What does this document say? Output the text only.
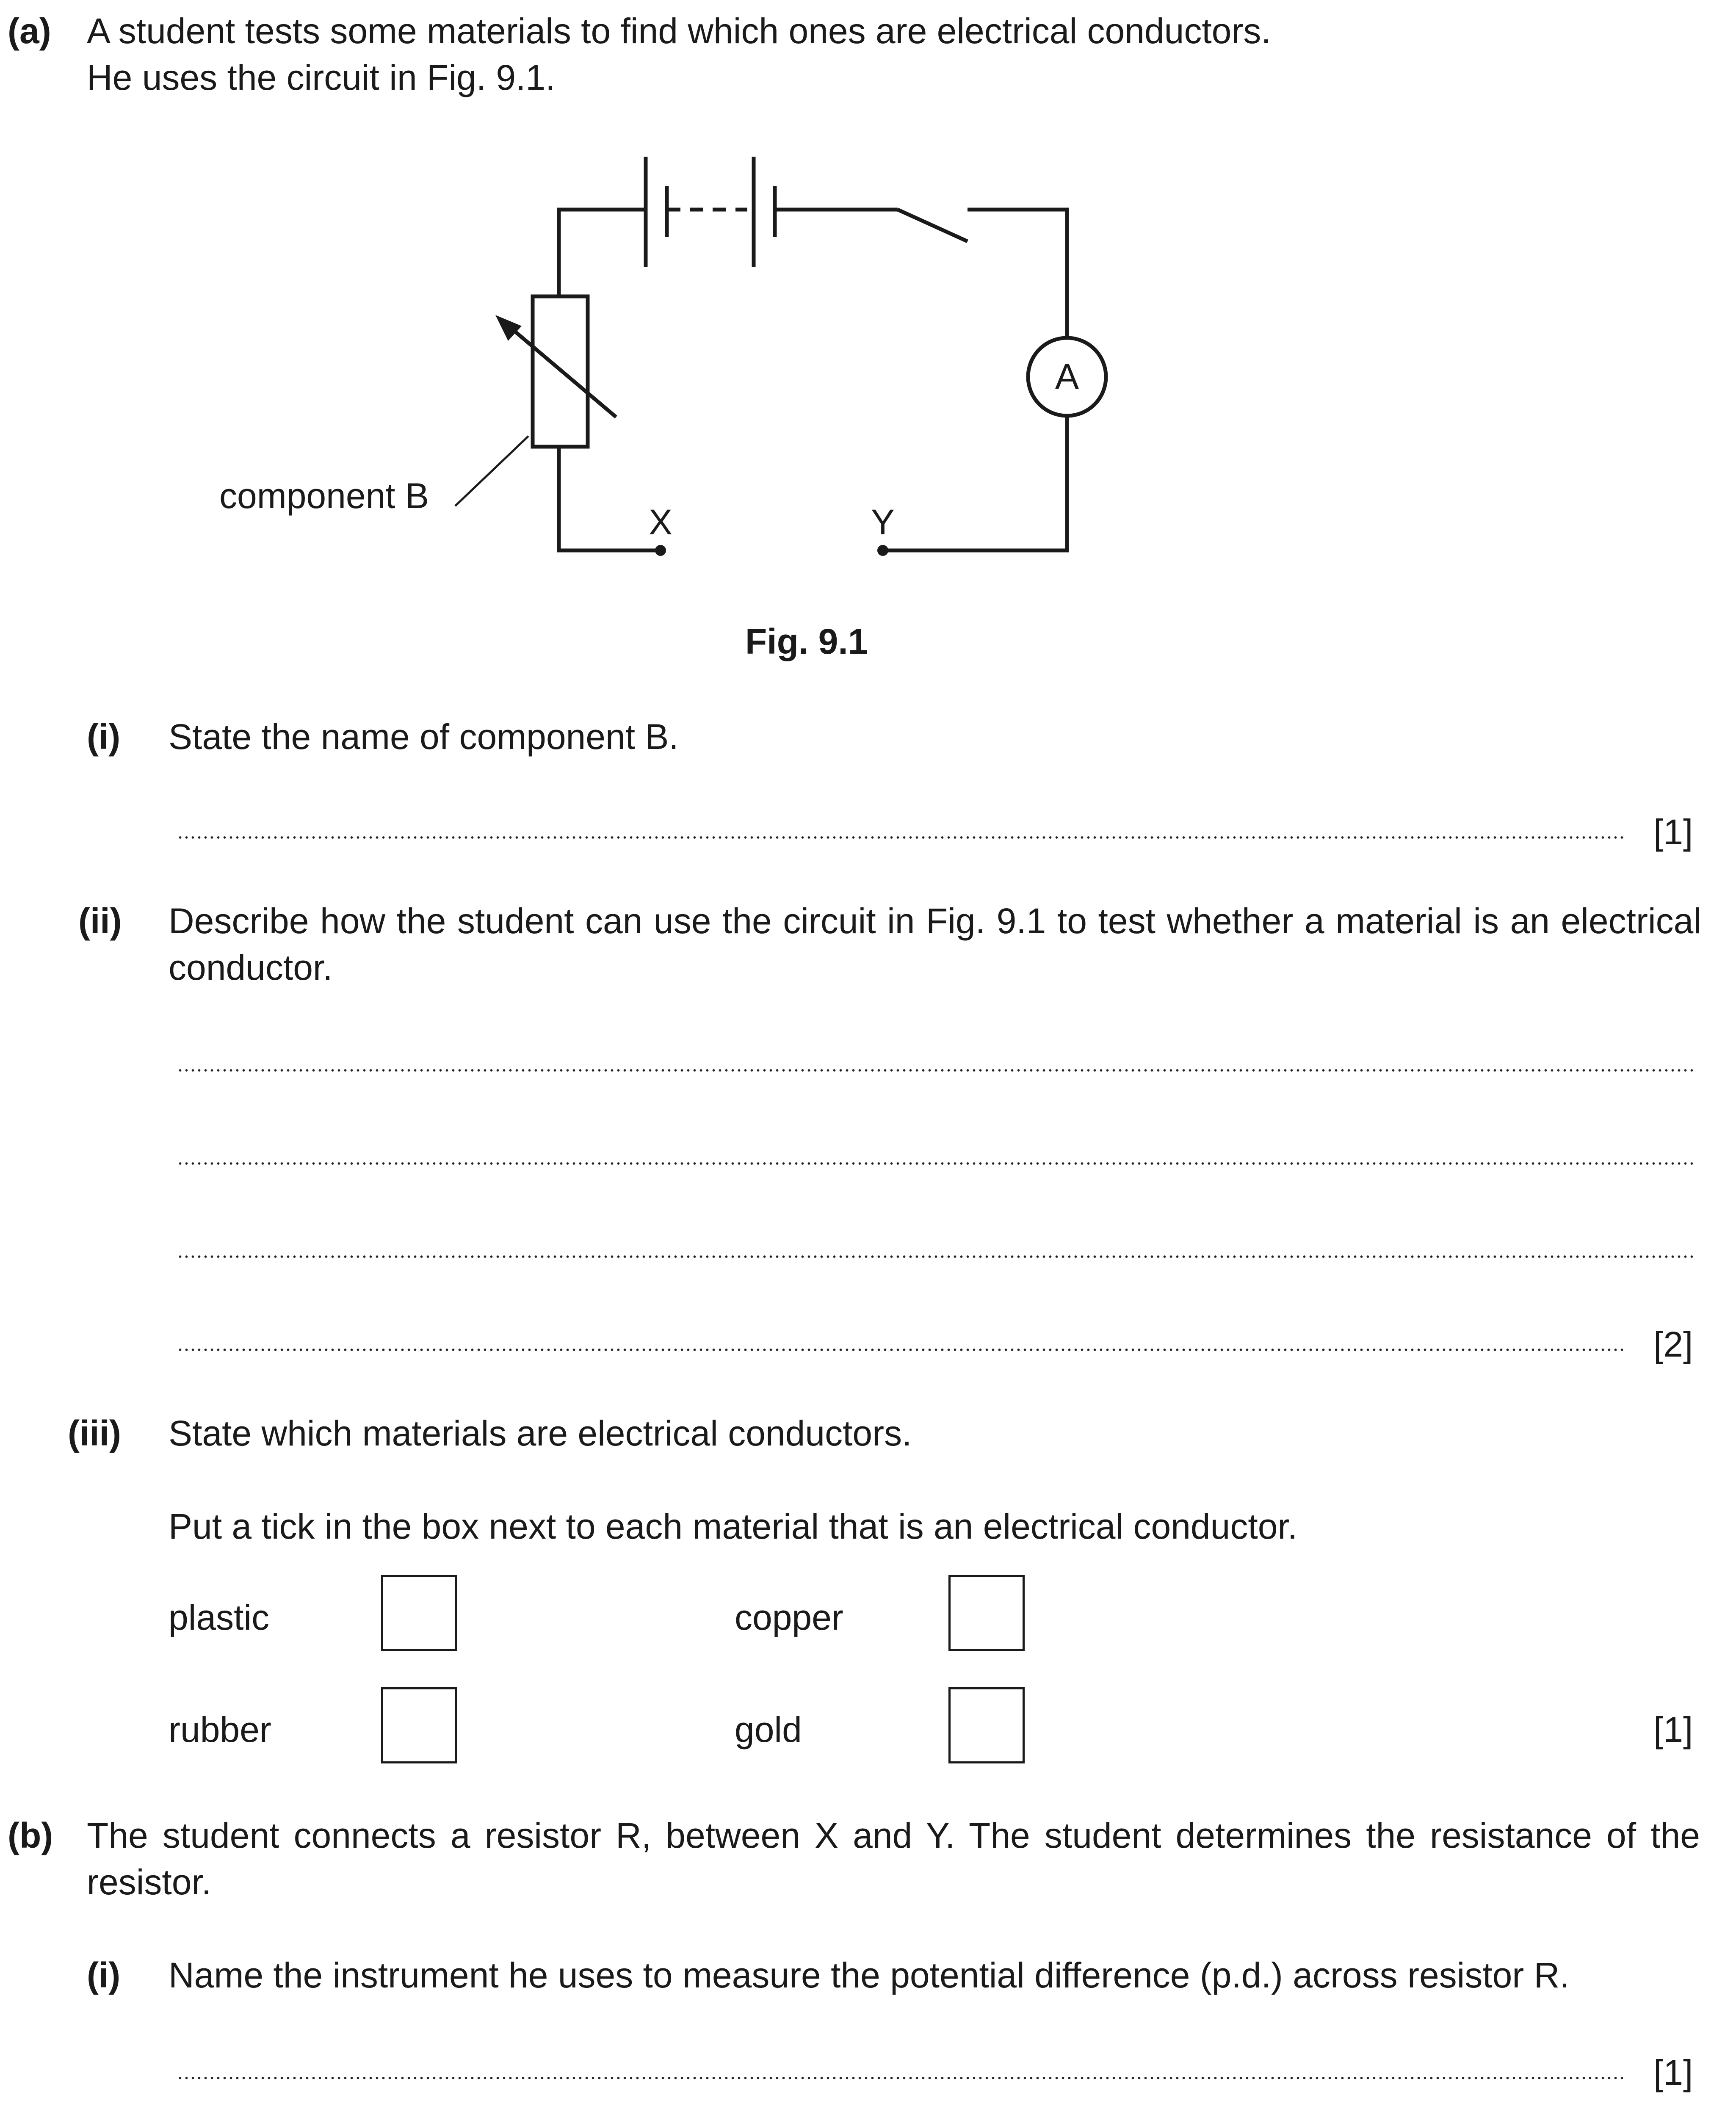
(a) A student tests some materials to find which ones are electrical conductors.
He uses the circuit in Fig. 9.1.
A
X	Y
component B
Fig. 9.1
(i) State the name of component B.
[1]
(ii) Describe how the student can use the circuit in Fig. 9.1 to test whether a material is an electrical conductor.
[2]
(iii) State which materials are electrical conductors.
Put a tick in the box next to each material that is an electrical conductor.
plastic	copper
rubber	gold	[1]
(b) The student connects a resistor R, between X and Y. The student determines the resistance of the resistor.
(i) Name the instrument he uses to measure the potential difference (p.d.) across resistor R.
[1]
